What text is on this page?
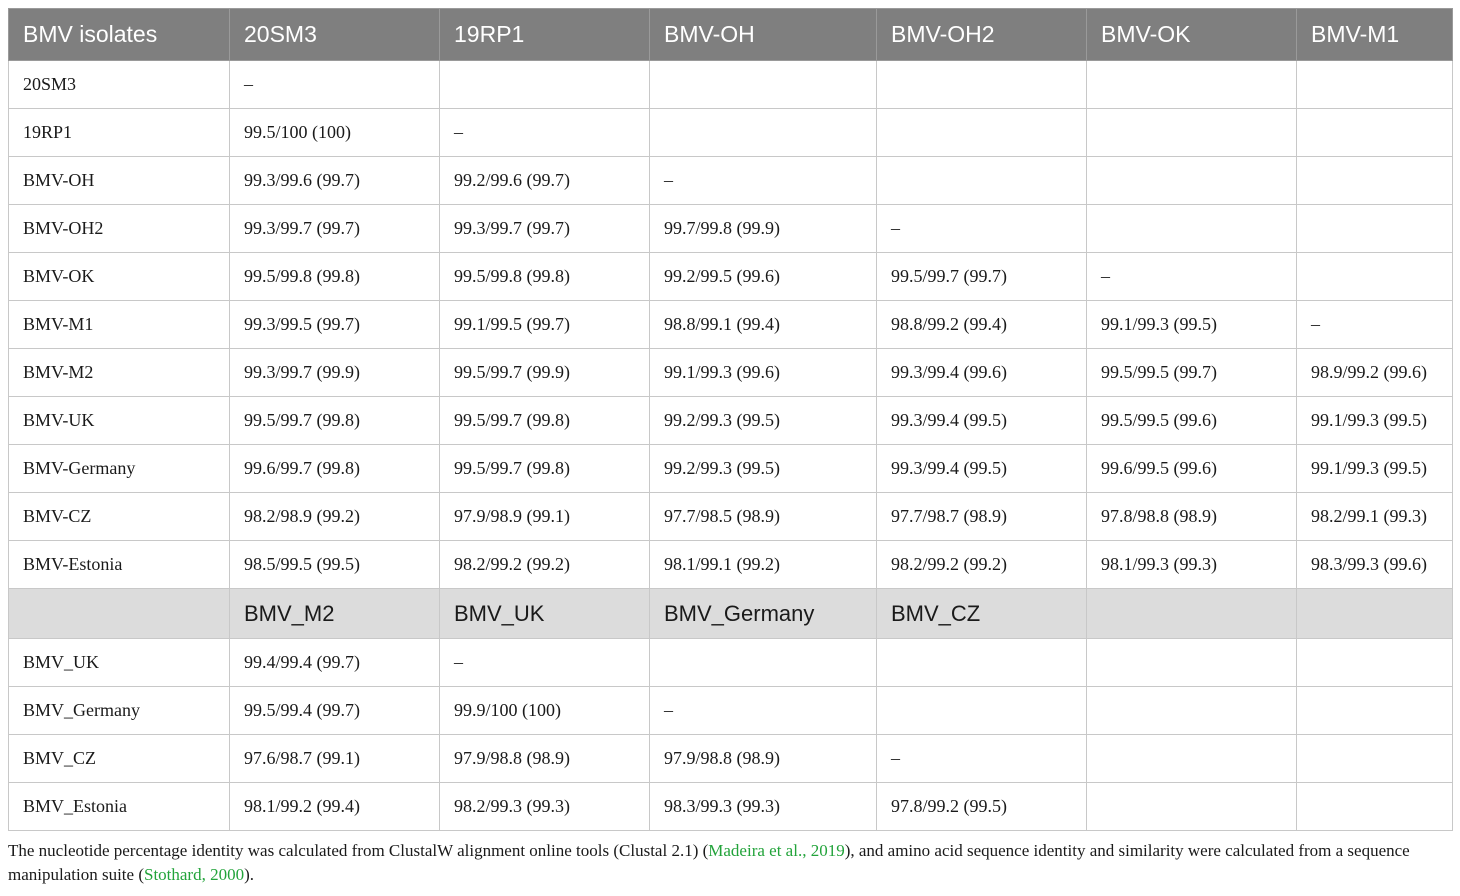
BMV isolates	20SM3	19RP1	BMV-OH	BMV-OH2	BMV-OK	BMV-M1
20SM3	–					
19RP1	99.5/100 (100)	–				
BMV-OH	99.3/99.6 (99.7)	99.2/99.6 (99.7)	–			
BMV-OH2	99.3/99.7 (99.7)	99.3/99.7 (99.7)	99.7/99.8 (99.9)	–		
BMV-OK	99.5/99.8 (99.8)	99.5/99.8 (99.8)	99.2/99.5 (99.6)	99.5/99.7 (99.7)	–	
BMV-M1	99.3/99.5 (99.7)	99.1/99.5 (99.7)	98.8/99.1 (99.4)	98.8/99.2 (99.4)	99.1/99.3 (99.5)	–
BMV-M2	99.3/99.7 (99.9)	99.5/99.7 (99.9)	99.1/99.3 (99.6)	99.3/99.4 (99.6)	99.5/99.5 (99.7)	98.9/99.2 (99.6)
BMV-UK	99.5/99.7 (99.8)	99.5/99.7 (99.8)	99.2/99.3 (99.5)	99.3/99.4 (99.5)	99.5/99.5 (99.6)	99.1/99.3 (99.5)
BMV-Germany	99.6/99.7 (99.8)	99.5/99.7 (99.8)	99.2/99.3 (99.5)	99.3/99.4 (99.5)	99.6/99.5 (99.6)	99.1/99.3 (99.5)
BMV-CZ	98.2/98.9 (99.2)	97.9/98.9 (99.1)	97.7/98.5 (98.9)	97.7/98.7 (98.9)	97.8/98.8 (98.9)	98.2/99.1 (99.3)
BMV-Estonia	98.5/99.5 (99.5)	98.2/99.2 (99.2)	98.1/99.1 (99.2)	98.2/99.2 (99.2)	98.1/99.3 (99.3)	98.3/99.3 (99.6)
	BMV_M2	BMV_UK	BMV_Germany	BMV_CZ		
BMV_UK	99.4/99.4 (99.7)	–				
BMV_Germany	99.5/99.4 (99.7)	99.9/100 (100)	–			
BMV_CZ	97.6/98.7 (99.1)	97.9/98.8 (98.9)	97.9/98.8 (98.9)	–		
BMV_Estonia	98.1/99.2 (99.4)	98.2/99.3 (99.3)	98.3/99.3 (99.3)	97.8/99.2 (99.5)		

The nucleotide percentage identity was calculated from ClustalW alignment online tools (Clustal 2.1) (Madeira et al., 2019), and amino acid sequence identity and similarity were calculated from a sequence manipulation suite (Stothard, 2000).
